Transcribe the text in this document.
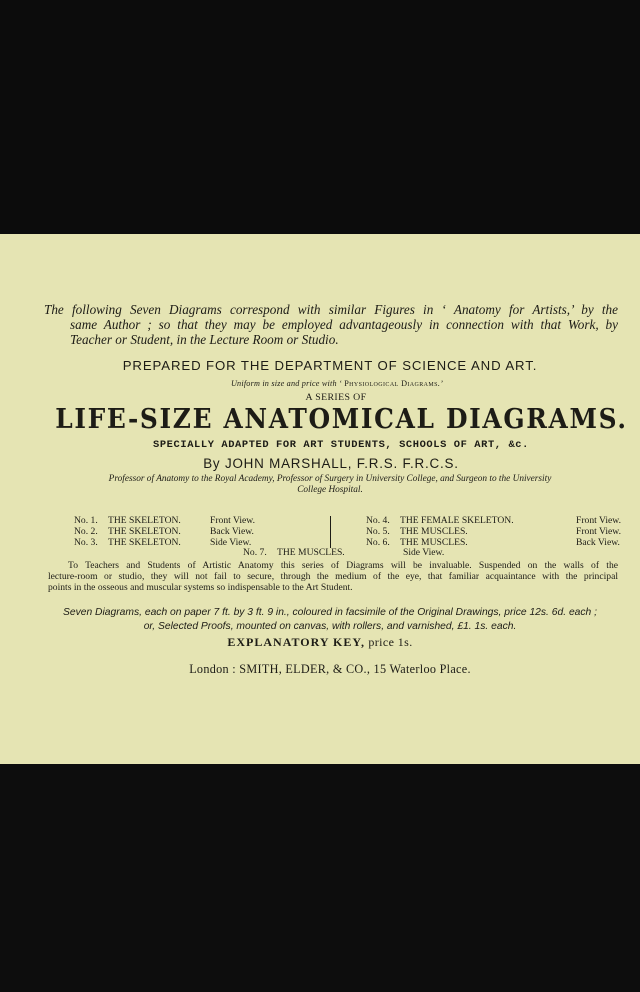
The following Seven Diagrams correspond with similar Figures in ‘ Anatomy for Artists,’ by the
same Author ; so that they may be employed advantageously in connection with that Work, by
Teacher or Student, in the Lecture Room or Studio.
PREPARED FOR THE DEPARTMENT OF SCIENCE AND ART.
Uniform in size and price with ‘ Physiological Diagrams.’
A SERIES OF
LIFE-SIZE ANATOMICAL DIAGRAMS.
SPECIALLY ADAPTED FOR ART STUDENTS, SCHOOLS OF ART, &c.
By JOHN MARSHALL, F.R.S. F.R.C.S.
Professor of Anatomy to the Royal Academy, Professor of Surgery in University College, and Surgeon to the University
College Hospital.
No. 1. THE SKELETON.	Front View.
No. 2. THE SKELETON.	Back View.
No. 3. THE SKELETON.	Side View.
No. 4. THE FEMALE SKELETON.	Front View.
No. 5. THE MUSCLES.	Front View.
No. 6. THE MUSCLES.	Back View.
No. 7. THE MUSCLES.	Side View.
To Teachers and Students of Artistic Anatomy this series of Diagrams will be invaluable. Suspended on the walls of the
lecture-room or studio, they will not fail to secure, through the medium of the eye, that familiar acquaintance with the principal
points in the osseous and muscular systems so indispensable to the Art Student.
Seven Diagrams, each on paper 7 ft. by 3 ft. 9 in., coloured in facsimile of the Original Drawings, price 12s. 6d. each ;
or, Selected Proofs, mounted on canvas, with rollers, and varnished, £1. 1s. each.
EXPLANATORY KEY, price 1s.
London : SMITH, ELDER, & CO., 15 Waterloo Place.
